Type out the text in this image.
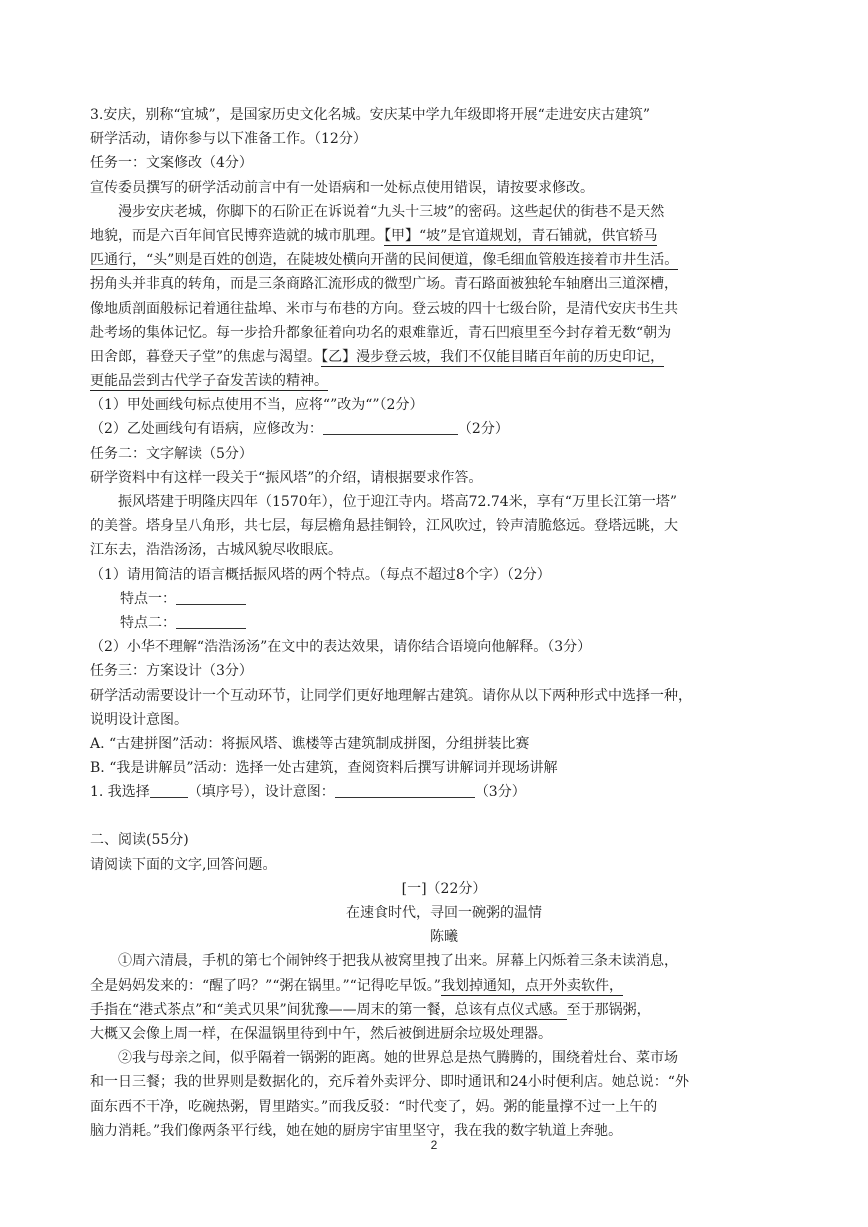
3.安庆，别称“宜城”，是国家历史文化名城。安庆某中学九年级即将开展“走进安庆古建筑”
研学活动，请你参与以下准备工作。（12分）
任务一：文案修改（4分）
宣传委员撰写的研学活动前言中有一处语病和一处标点使用错误，请按要求修改。
漫步安庆老城，你脚下的石阶正在诉说着“九头十三坡”的密码。这些起伏的街巷不是天然
地貌，而是六百年间官民博弈造就的城市肌理。【甲】“坡”是官道规划，青石铺就，供官轿马
匹通行，“头”则是百姓的创造，在陡坡处横向开凿的民间便道，像毛细血管般连接着市井生活。
拐角头并非真的转角，而是三条商路汇流形成的微型广场。青石路面被独轮车轴磨出三道深槽，
像地质剖面般标记着通往盐埠、米市与布巷的方向。登云坡的四十七级台阶，是清代安庆书生共
赴考场的集体记忆。每一步拾升都象征着向功名的艰难靠近，青石凹痕里至今封存着无数“朝为
田舍郎，暮登天子堂”的焦虑与渴望。【乙】漫步登云坡，我们不仅能目睹百年前的历史印记，
更能品尝到古代学子奋发苦读的精神。
（1）甲处画线句标点使用不当，应将“”改为“”（2分）
（2）乙处画线句有语病，应修改为：	（2分）
任务二：文字解读（5分）
研学资料中有这样一段关于“振风塔”的介绍，请根据要求作答。
振风塔建于明隆庆四年（1570年），位于迎江寺内。塔高72.74米，享有“万里长江第一塔”
的美誉。塔身呈八角形，共七层，每层檐角悬挂铜铃，江风吹过，铃声清脆悠远。登塔远眺，大
江东去，浩浩汤汤，古城风貌尽收眼底。
（1）请用简洁的语言概括振风塔的两个特点。（每点不超过8个字）（2分）
特点一：
特点二：
（2）小华不理解“浩浩汤汤”在文中的表达效果，请你结合语境向他解释。（3分）
任务三：方案设计（3分）
研学活动需要设计一个互动环节，让同学们更好地理解古建筑。请你从以下两种形式中选择一种，
说明设计意图。
A. “古建拼图”活动：将振风塔、谯楼等古建筑制成拼图，分组拼装比赛
B. “我是讲解员”活动：选择一处古建筑，查阅资料后撰写讲解词并现场讲解
1. 我选择	（填序号），设计意图：	（3分）
二、阅读(55分)
请阅读下面的文字,回答问题。
[一]（22分）
在速食时代，寻回一碗粥的温情
陈曦
①周六清晨，手机的第七个闹钟终于把我从被窝里拽了出来。屏幕上闪烁着三条未读消息，
全是妈妈发来的：“醒了吗？”“粥在锅里。”“记得吃早饭。”我划掉通知，点开外卖软件，
手指在“港式茶点”和“美式贝果”间犹豫——周末的第一餐，总该有点仪式感。至于那锅粥，
大概又会像上周一样，在保温锅里待到中午，然后被倒进厨余垃圾处理器。
②我与母亲之间，似乎隔着一锅粥的距离。她的世界总是热气腾腾的，围绕着灶台、菜市场
和一日三餐；我的世界则是数据化的，充斥着外卖评分、即时通讯和24小时便利店。她总说：“外
面东西不干净，吃碗热粥，胃里踏实。”而我反驳：“时代变了，妈。粥的能量撑不过一上午的
脑力消耗。”我们像两条平行线，她在她的厨房宇宙里坚守，我在我的数字轨道上奔驰。
2
